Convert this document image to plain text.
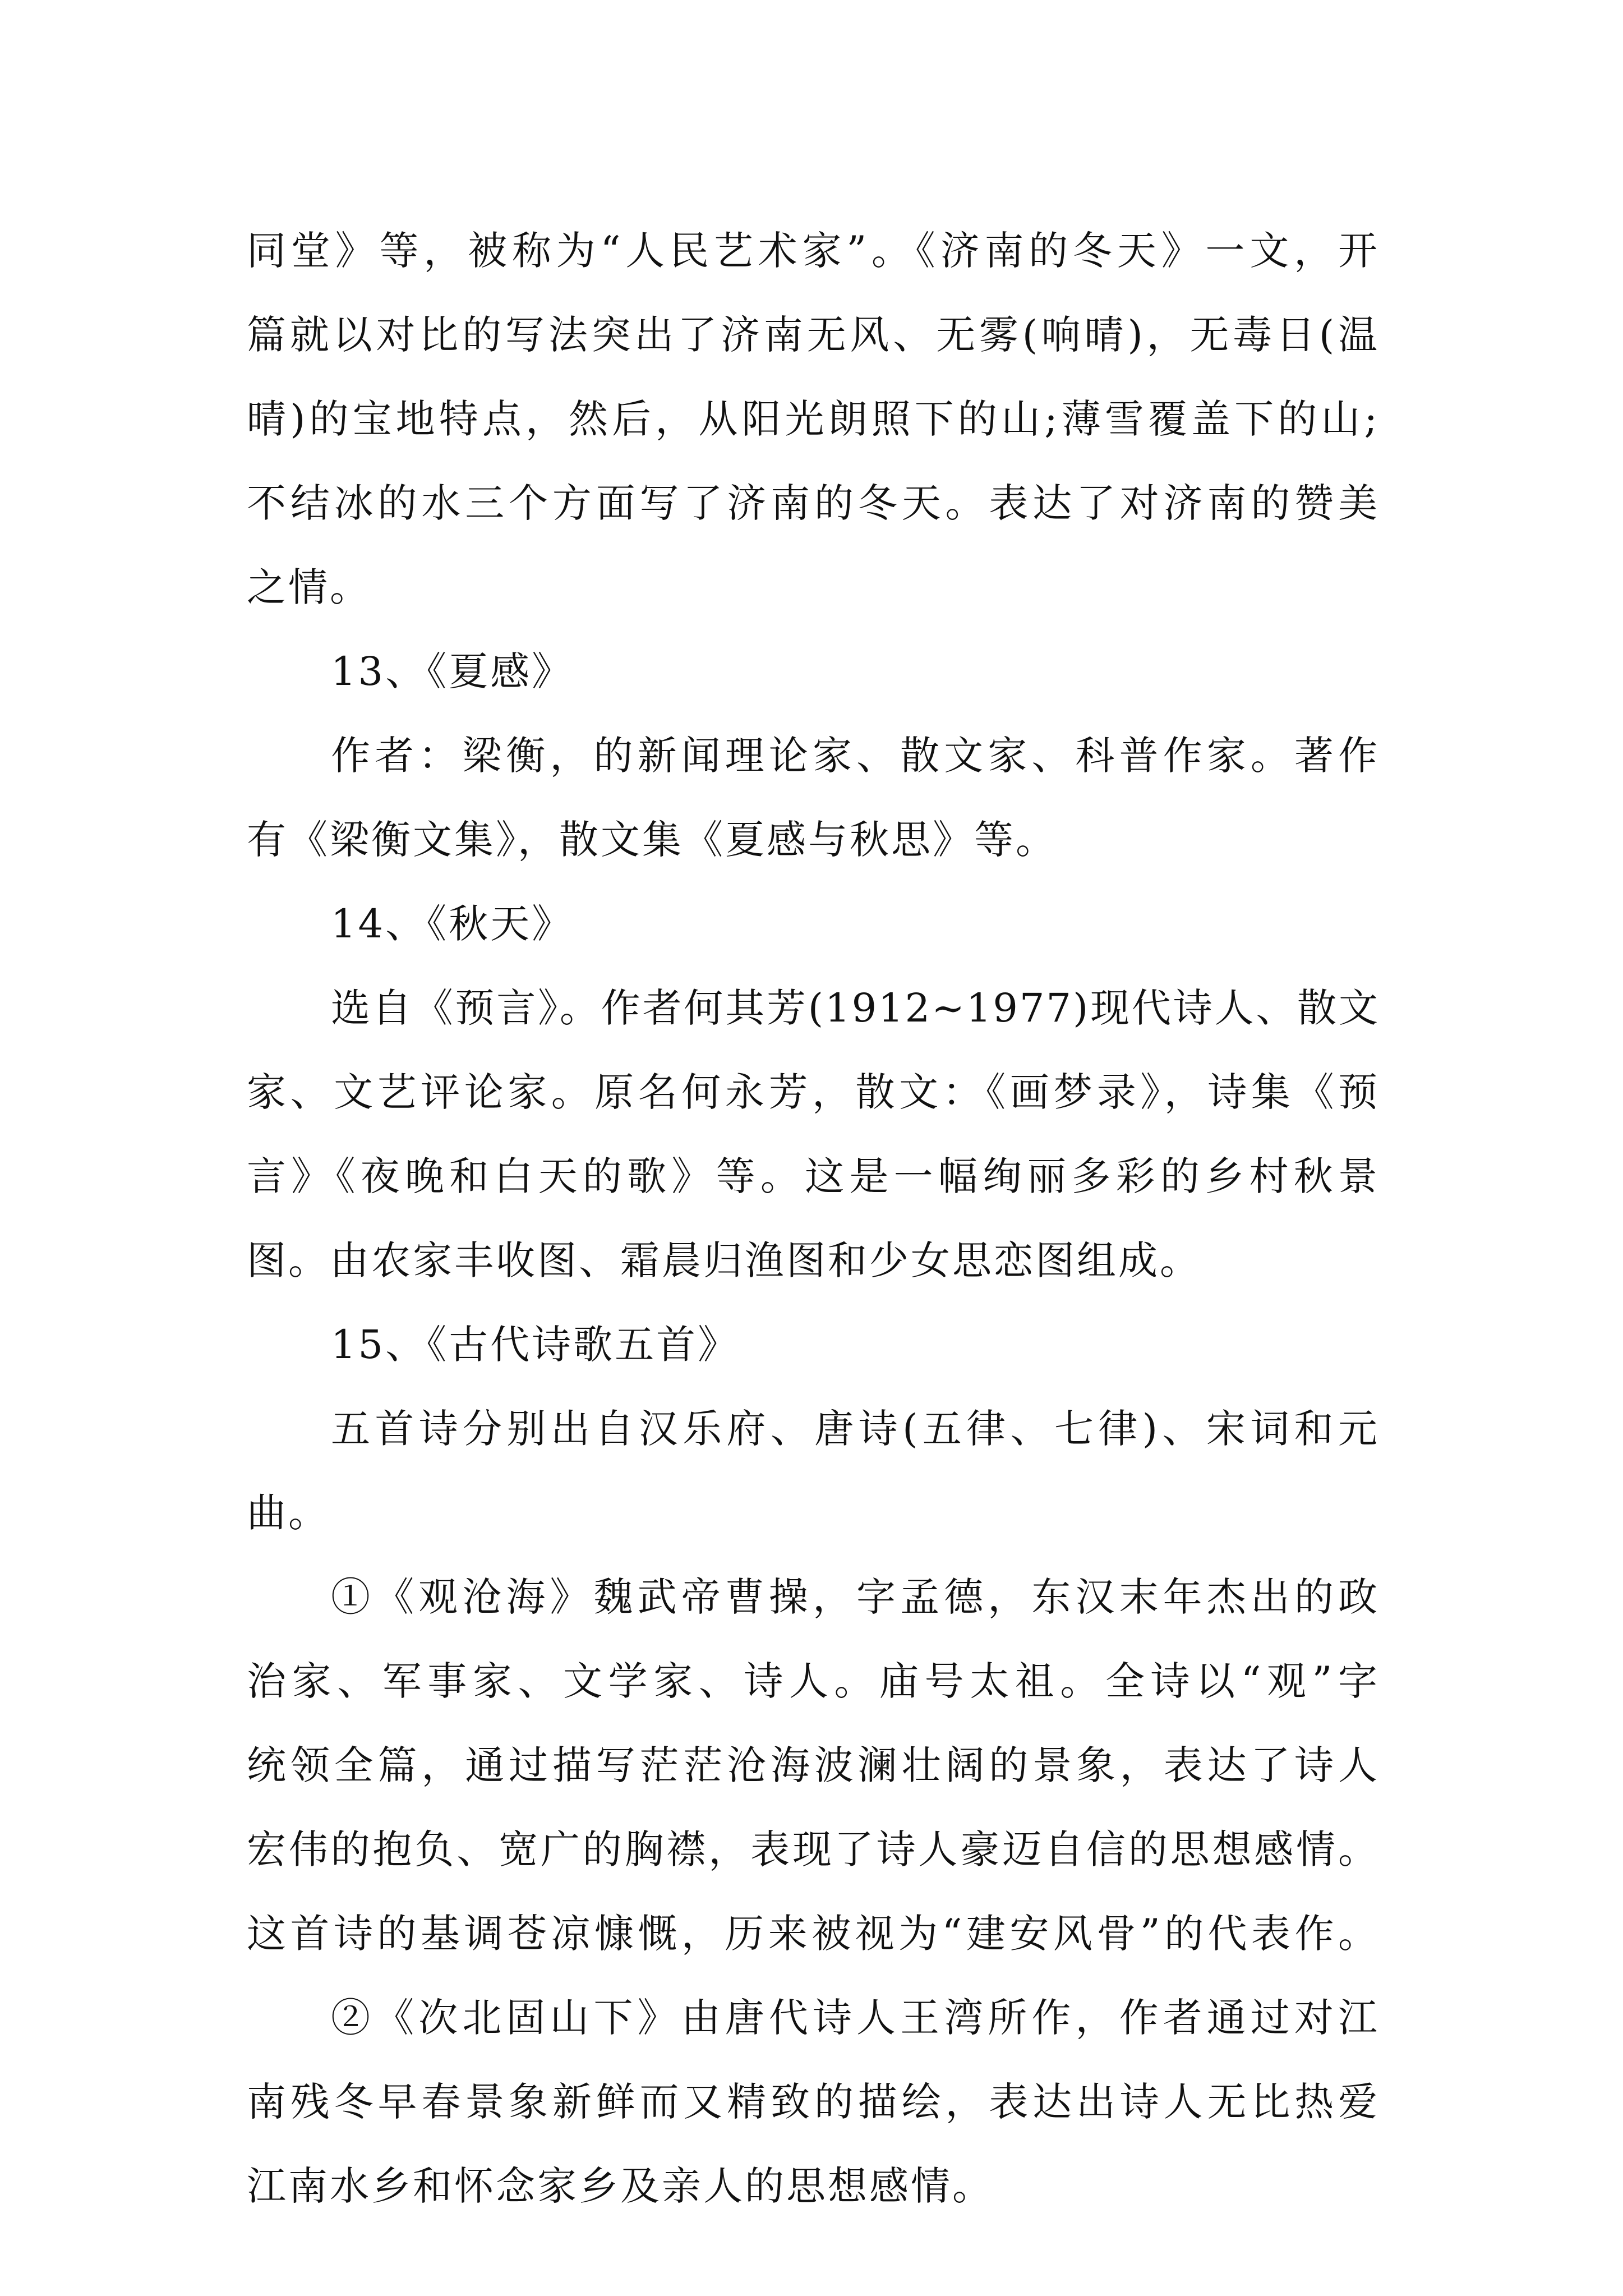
同堂》等，被称为“人民艺术家”。《济南的冬天》一文，开
篇就以对比的写法突出了济南无风、无雾(响晴)，无毒日(温
晴)的宝地特点，然后，从阳光朗照下的山;薄雪覆盖下的山;
不结冰的水三个方面写了济南的冬天。表达了对济南的赞美
之情。
13、《夏感》
作者：梁衡，的新闻理论家、散文家、科普作家。著作
有《梁衡文集》，散文集《夏感与秋思》等。
14、《秋天》
选自《预言》。作者何其芳(1912~1977)现代诗人、散文
家、文艺评论家。原名何永芳，散文：《画梦录》，诗集《预
言》《夜晚和白天的歌》等。这是一幅绚丽多彩的乡村秋景
图。由农家丰收图、霜晨归渔图和少女思恋图组成。
15、《古代诗歌五首》
五首诗分别出自汉乐府、唐诗(五律、七律)、宋词和元
曲。
①《观沧海》魏武帝曹操，字孟德，东汉末年杰出的政
治家、军事家、文学家、诗人。庙号太祖。全诗以“观”字
统领全篇，通过描写茫茫沧海波澜壮阔的景象，表达了诗人
宏伟的抱负、宽广的胸襟，表现了诗人豪迈自信的思想感情。
这首诗的基调苍凉慷慨，历来被视为“建安风骨”的代表作。
②《次北固山下》由唐代诗人王湾所作，作者通过对江
南残冬早春景象新鲜而又精致的描绘，表达出诗人无比热爱
江南水乡和怀念家乡及亲人的思想感情。
